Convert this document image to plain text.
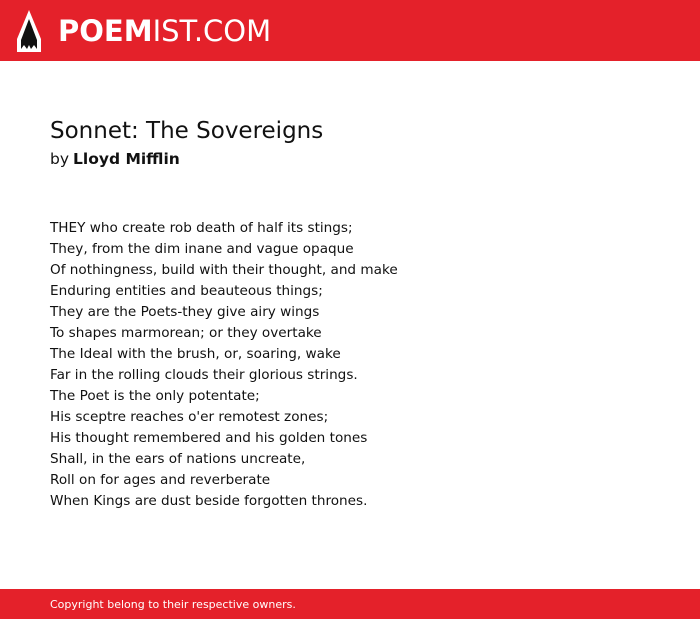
POEMIST.COM
Sonnet: The Sovereigns
by Lloyd Mifflin
THEY who create rob death of half its stings;
They, from the dim inane and vague opaque
Of nothingness, build with their thought, and make
Enduring entities and beauteous things;
They are the Poets-they give airy wings
To shapes marmorean; or they overtake
The Ideal with the brush, or, soaring, wake
Far in the rolling clouds their glorious strings.
The Poet is the only potentate;
His sceptre reaches o'er remotest zones;
His thought remembered and his golden tones
Shall, in the ears of nations uncreate,
Roll on for ages and reverberate
When Kings are dust beside forgotten thrones.
Copyright belong to their respective owners.
